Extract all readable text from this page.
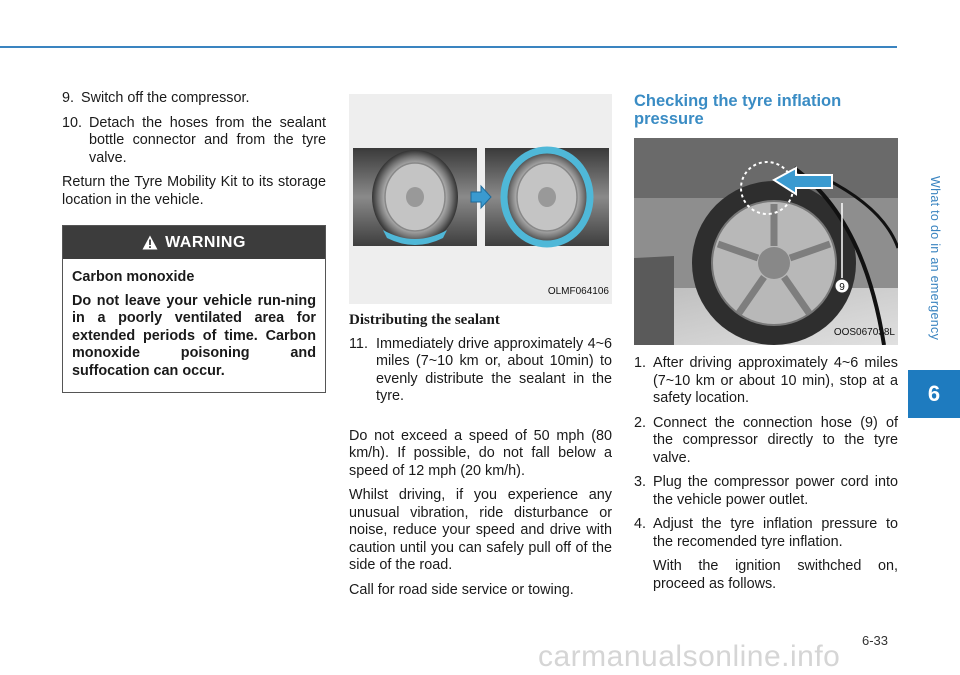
What to do in an emergency
6
9. Switch off the compressor.
10. Detach the hoses from the sealant bottle connector and from the tyre valve.

Return the Tyre Mobility Kit to its storage location in the vehicle.

WARNING

Carbon monoxide

Do not leave your vehicle run-ning in a poorly ventilated area for extended periods of time. Carbon monoxide poisoning and suffocation can occur.

OLMF064106

Distributing the sealant

11. Immediately drive approximately 4~6 miles (7~10 km or, about 10min) to evenly distribute the sealant in the tyre.

Do not exceed a speed of 50 mph (80 km/h). If possible, do not fall below a speed of 12 mph (20 km/h).

Whilst driving, if you experience any unusual vibration, ride disturbance or noise, reduce your speed and drive with caution until you can safely pull off of the side of the road.

Call for road side service or towing.

Checking the tyre inflation pressure

9
OOS067038L
1. After driving approximately 4~6 miles (7~10 km or about 10 min), stop at a safety location.
2. Connect the connection hose (9) of the compressor directly to the tyre valve.
3. Plug the compressor power cord into the vehicle power outlet.
4. Adjust the tyre inflation pressure to the recomended tyre inflation.

With the ignition swithched on, proceed as follows.

6-33
carmanualsonline.info
